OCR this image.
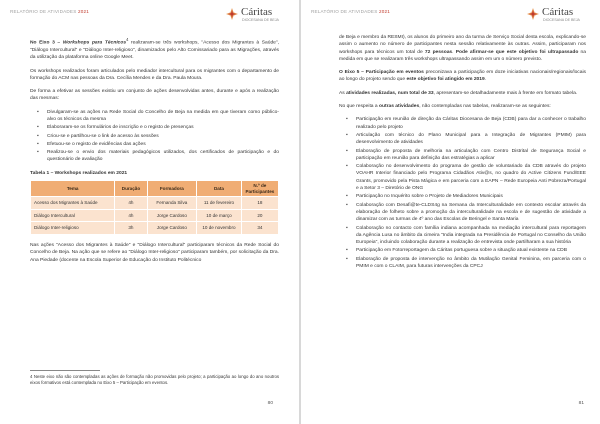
RELATÓRIO DE ATIVIDADES 2021	Cáritas
DIOCESANA DE BEJA
No Eixo 3 – Workshops para Técnicos$^4$ realizaram-se três workshops, "Acesso dos Migrantes à Saúde", "Diálogo Intercultural" e "Diálogo Inter-religioso", dinamizados pelo Alto Comissariado para as Migrações, através da utilização da plataforma online Google Meet.
Os workshops realizados foram articulados pelo mediador intercultural para os migrantes com o departamento de formação do ACM nas pessoas da Dra. Cecília Mendes e da Dra. Paula Moura.
De forma a efetivar as sessões existiu um conjunto de ações desenvolvidas antes, durante e após a realização das mesmas:
▪ Divulgaram-se as ações na Rede Social do Concelho de Beja na medida em que tiveram como público-alvo os técnicos da mesma
▪ Elaboraram-se os formulários de inscrição e o registo de presenças
▪ Criou-se e partilhou-se o link de acesso às sessões
▪ Efetuou-se o registo de evidências das ações
▪ Realizou-se o envio dos materiais pedagógicos utilizados, dos certificados de participação e do questionário de avaliação
Tabela 1 – Workshops realizados em 2021
Tema	Duração	Formadora	Data	N.º de Participantes
Acesso dos Migrantes à Saúde	4h	Fernanda Silva	11 de fevereiro	18
Diálogo Intercultural	4h	Jorge Cardoso	10 de março	20
Diálogo Inter-religioso	3h	Jorge Cardoso	10 de novembro	34
Nas ações "Acesso dos Migrantes à Saúde" e "Diálogo Intercultural" participaram técnicos da Rede Social do Concelho de Beja. Na ação que se refere ao "Diálogo Inter-religioso" participaram também, por solicitação da Dra. Ana Piedade (docente na Escola Superior de Educação do Instituto Politécnico
4 Neste eixo não são contempladas as ações de formação não promovidas pelo projeto; a participação ao longo do ano noutros eixos formativos está contemplada no Eixo 5 – Participação em eventos.
80
RELATÓRIO DE ATIVIDADES 2021	Cáritas
DIOCESANA DE BEJA
de Beja e membro da RESMI), os alunos do primeiro ano da turma de Serviço Social desta escola, explicando-se assim o aumento no número de participantes nesta sessão relativamente às outras. Assim, participaram nos workshops para técnicos um total de 72 pessoas. Pode afirmar-se que este objetivo foi ultrapassado na medida em que se realizaram três workshops ultrapassando assim em um o número previsto.
O Eixo 5 – Participação em eventos preconizava a participação em doze iniciativas nacionais/regionais/locais ao longo do projeto sendo que este objetivo foi atingido em 2019.
As atividades realizadas, num total de 33, apresentam-se detalhadamente mais à frente em formato tabela.
No que respeita a outras atividades, não contempladas nas tabelas, realizaram-se as seguintes:
▪ Participação em reunião de direção da Cáritas Diocesana de Beja (CDB) para dar a conhecer o trabalho realizado pelo projeto
▪ Articulação com técnico do Plano Municipal para a Integração de Migrantes (PMIM) para desenvolvimento de atividades
▪ Elaboração de proposta de melhoria na articulação com Centro Distrital de Segurança Social e participação em reunião para definição das estratégias a aplicar
▪ Colaboração no desenvolvimento do programa de gestão de voluntariado da CDB através do projeto VOAHR Interior financiado pelo Programa Cidadãos Ativ@s, no quadro do Active Citizens Fund/EEE Grants, promovido pela Pista Mágica e em parceria com a EAPN – Rede Europeia Anti Pobreza/Portugal e a Setor 3 – Diretório de ONG
▪ Participação no Inquérito sobre o Projeto de Mediadores Municipais
▪ Colaboração com Desafi@te-CLDS4g na Semana da Interculturalidade em contexto escolar através da elaboração de folheto sobre a promoção da interculturalidade na escola e de sugestão de atividade a dinamizar com as turmas de 4º ano das Escolas de Beringel e Santa Maria
▪ Colaboração no contacto com família indiana acompanhada na mediação intercultural para reportagem da Agência Lusa no âmbito da cimeira "India integrada na Presidência de Portugal no Conselho da União Europeia", incluindo colaboração durante a realização de entrevista onde partilharam a sua história
▪ Participação em Fotorreportagem da Cáritas portuguesa sobre a situação atual existente na CDB
▪ Elaboração de proposta de intervenção no âmbito da Mutilação Genital Feminina, em parceria com o PMIM e com o CLAIM, para futuras intervenções da CPCJ
81
